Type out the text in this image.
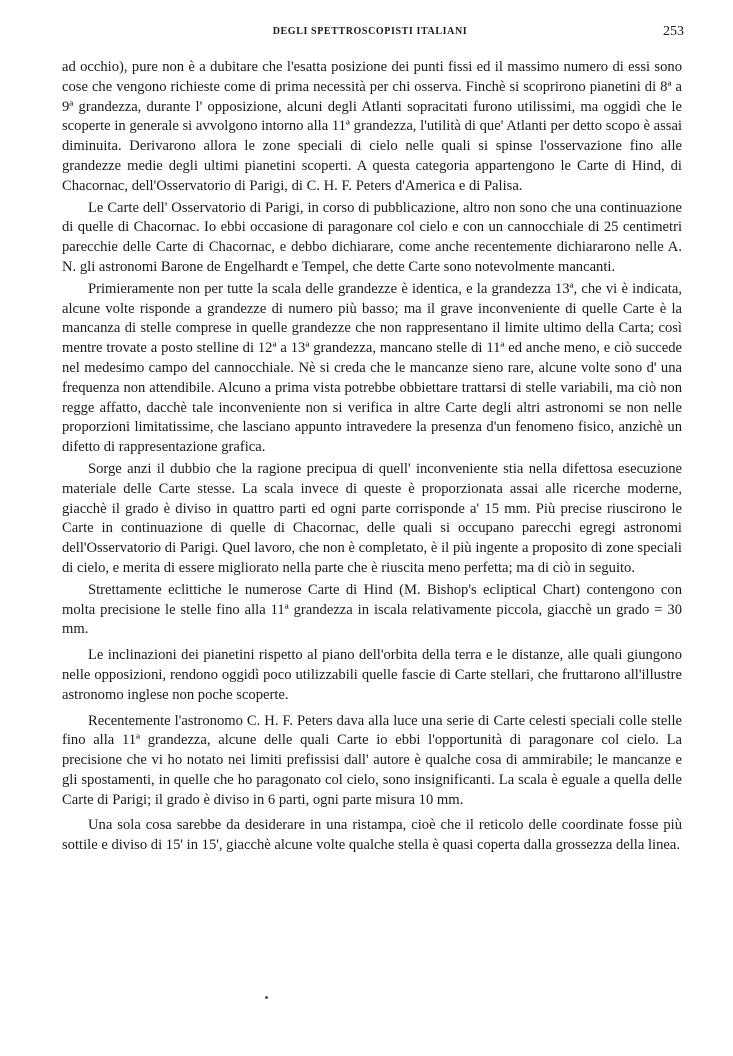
DEGLI SPETTROSCOPISTI ITALIANI	253

ad occhio), pure non è a dubitare che l'esatta posizione dei punti fissi ed il massimo numero di essi sono cose che vengono richieste come di prima necessità per chi osserva. Finchè si scoprirono pianetini di 8ª a 9ª grandezza, durante l' opposizione, alcuni degli Atlanti sopracitati furono utilissimi, ma oggidì che le scoperte in generale si avvolgono intorno alla 11ª grandezza, l'utilità di que' Atlanti per detto scopo è assai diminuita. Derivarono allora le zone speciali di cielo nelle quali si spinse l'osservazione fino alle grandezze medie degli ultimi pianetini scoperti. A questa categoria appartengono le Carte di Hind, di Chacornac, dell'Osservatorio di Parigi, di C. H. F. Peters d'America e di Palisa.

Le Carte dell' Osservatorio di Parigi, in corso di pubblicazione, altro non sono che una continuazione di quelle di Chacornac. Io ebbi occasione di paragonare col cielo e con un cannocchiale di 25 centimetri parecchie delle Carte di Chacornac, e debbo dichiarare, come anche recentemente dichiararono nelle A. N. gli astronomi Barone de Engelhardt e Tempel, che dette Carte sono notevolmente mancanti.

Primieramente non per tutte la scala delle grandezze è identica, e la grandezza 13ª, che vi è indicata, alcune volte risponde a grandezze di numero più basso; ma il grave inconveniente di quelle Carte è la mancanza di stelle comprese in quelle grandezze che non rappresentano il limite ultimo della Carta; così mentre trovate a posto stelline di 12ª a 13ª grandezza, mancano stelle di 11ª ed anche meno, e ciò succede nel medesimo campo del cannocchiale. Nè si creda che le mancanze sieno rare, alcune volte sono d' una frequenza non attendibile. Alcuno a prima vista potrebbe obbiettare trattarsi di stelle variabili, ma ciò non regge affatto, dacchè tale inconveniente non si verifica in altre Carte degli altri astronomi se non nelle proporzioni limitatissime, che lasciano appunto intravedere la presenza d'un fenomeno fisico, anzichè un difetto di rappresentazione grafica.

Sorge anzi il dubbio che la ragione precipua di quell' inconveniente stia nella difettosa esecuzione materiale delle Carte stesse. La scala invece di queste è proporzionata assai alle ricerche moderne, giacchè il grado è diviso in quattro parti ed ogni parte corrisponde a' 15 mm. Più precise riuscirono le Carte in continuazione di quelle di Chacornac, delle quali si occupano parecchi egregi astronomi dell'Osservatorio di Parigi. Quel lavoro, che non è completato, è il più ingente a proposito di zone speciali di cielo, e merita di essere migliorato nella parte che è riuscita meno perfetta; ma di ciò in seguito.

Strettamente eclittiche le numerose Carte di Hind (M. Bishop's ecliptical Chart) contengono con molta precisione le stelle fino alla 11ª grandezza in iscala relativamente piccola, giacchè un grado = 30 mm.

Le inclinazioni dei pianetini rispetto al piano dell'orbita della terra e le distanze, alle quali giungono nelle opposizioni, rendono oggidì poco utilizzabili quelle fascie di Carte stellari, che fruttarono all'illustre astronomo inglese non poche scoperte.

Recentemente l'astronomo C. H. F. Peters dava alla luce una serie di Carte celesti speciali colle stelle fino alla 11ª grandezza, alcune delle quali Carte io ebbi l'opportunità di paragonare col cielo. La precisione che vi ho notato nei limiti prefissisi dall' autore è qualche cosa di ammirabile; le mancanze e gli spostamenti, in quelle che ho paragonato col cielo, sono insignificanti. La scala è eguale a quella delle Carte di Parigi; il grado è diviso in 6 parti, ogni parte misura 10 mm.

Una sola cosa sarebbe da desiderare in una ristampa, cioè che il reticolo delle coordinate fosse più sottile e diviso di 15' in 15', giacchè alcune volte qualche stella è quasi coperta dalla grossezza della linea.
